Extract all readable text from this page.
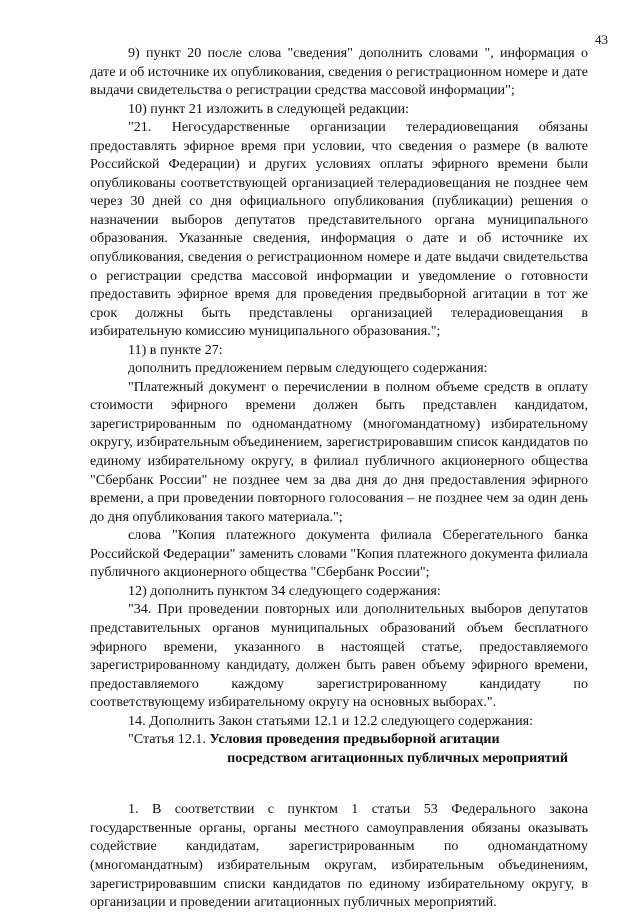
43

9) пункт 20 после слова "сведения" дополнить словами ", информация о дате и об источнике их опубликования, сведения о регистрационном номере и дате выдачи свидетельства о регистрации средства массовой информации";

10) пункт 21 изложить в следующей редакции:

"21. Негосударственные организации телерадиовещания обязаны предоставлять эфирное время при условии, что сведения о размере (в валюте Российской Федерации) и других условиях оплаты эфирного времени были опубликованы соответствующей организацией телерадиовещания не позднее чем через 30 дней со дня официального опубликования (публикации) решения о назначении выборов депутатов представительного органа муниципального образования. Указанные сведения, информация о дате и об источнике их опубликования, сведения о регистрационном номере и дате выдачи свидетельства о регистрации средства массовой информации и уведомление о готовности предоставить эфирное время для проведения предвыборной агитации в тот же срок должны быть представлены организацией телерадиовещания в избирательную комиссию муниципального образования.";

11) в пункте 27:

дополнить предложением первым следующего содержания:

"Платежный документ о перечислении в полном объеме средств в оплату стоимости эфирного времени должен быть представлен кандидатом, зарегистрированным по одномандатному (многомандатному) избирательному округу, избирательным объединением, зарегистрировавшим список кандидатов по единому избирательному округу, в филиал публичного акционерного общества "Сбербанк России" не позднее чем за два дня до дня предоставления эфирного времени, а при проведении повторного голосования – не позднее чем за один день до дня опубликования такого материала.";

слова "Копия платежного документа филиала Сберегательного банка Российской Федерации" заменить словами "Копия платежного документа филиала публичного акционерного общества "Сбербанк России";

12) дополнить пунктом 34 следующего содержания:

"34. При проведении повторных или дополнительных выборов депутатов представительных органов муниципальных образований объем бесплатного эфирного времени, указанного в настоящей статье, предоставляемого зарегистрированному кандидату, должен быть равен объему эфирного времени, предоставляемого каждому зарегистрированному кандидату по соответствующему избирательному округу на основных выборах.".

14. Дополнить Закон статьями 12.1 и 12.2 следующего содержания:

"Статья 12.1. Условия проведения предвыборной агитации
посредством агитационных публичных мероприятий

1. В соответствии с пунктом 1 статьи 53 Федерального закона государственные органы, органы местного самоуправления обязаны оказывать содействие кандидатам, зарегистрированным по одномандатному (многомандатным) избирательным округам, избирательным объединениям, зарегистрировавшим списки кандидатов по единому избирательному округу, в организации и проведении агитационных публичных мероприятий.
